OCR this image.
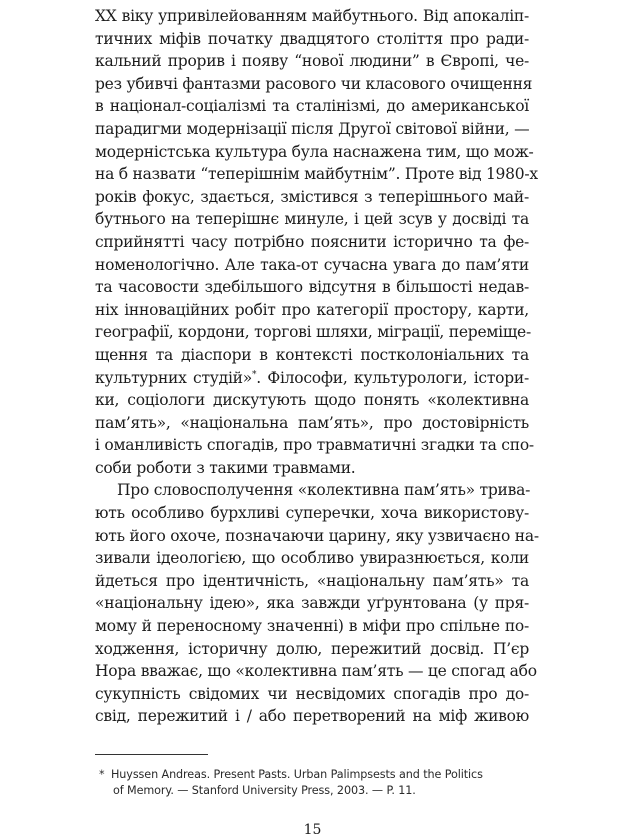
XX віку упривілейованням майбутнього. Від апокаліп-
тичних міфів початку двадцятого століття про ради-
кальний прорив і появу “нової людини” в Європі, че-
рез убивчі фантазми расового чи класового очищення
в націонал-соціалізмі та сталінізмі, до американської
парадигми модернізації після Другої світової війни, —
модерністська культура була наснажена тим, що мож-
на б назвати “теперішнім майбутнім”. Проте від 1980-х
років фокус, здається, змістився з теперішнього май-
бутнього на теперішнє минуле, і цей зсув у досвіді та
сприйнятті часу потрібно пояснити історично та фе-
номенологічно. Але така-от сучасна увага до пам’яти
та часовости здебільшого відсутня в більшості недав-
ніх інноваційних робіт про категорії простору, карти,
географії, кордони, торгові шляхи, міграції, переміще-
щення та діаспори в контексті постколоніальних та
культурних студій»*. Філософи, культурологи, істори-
ки, соціологи дискутують щодо понять «колективна
пам’ять», «національна пам’ять», про достовірність
і оманливість спогадів, про травматичні згадки та спо-
соби роботи з такими травмами.
Про словосполучення «колективна пам’ять» трива-
ють особливо бурхливі суперечки, хоча використову-
ють його охоче, позначаючи царину, яку узвичаєно на-
зивали ідеологією, що особливо увиразнюється, коли
йдеться про ідентичність, «національну пам’ять» та
«національну ідею», яка завжди уґрунтована (у пря-
мому й переносному значенні) в міфи про спільне по-
ходження, історичну долю, пережитий досвід. П’єр
Нора вважає, що «колективна пам’ять — це спогад або
сукупність свідомих чи несвідомих спогадів про до-
свід, пережитий і / або перетворений на міф живою
* Huyssen Andreas. Present Pasts. Urban Palimpsests and the Politics
of Memory. — Stanford University Press, 2003. — P. 11.
15
